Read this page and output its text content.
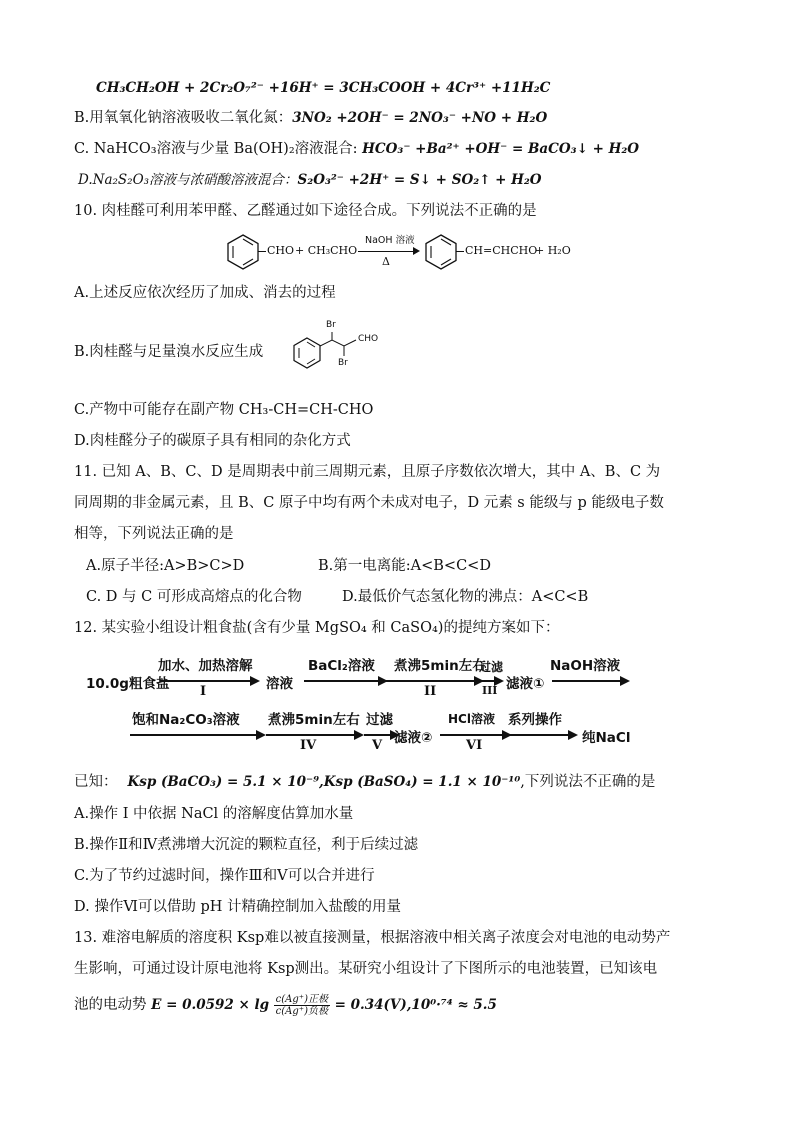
CH₃CH₂OH + 2Cr₂O₇²⁻ +16H⁺ = 3CH₃COOH + 4Cr³⁺ +11H₂C
B.用氧氧化钠溶液吸收二氧化氮：3NO₂ +2OH⁻ = 2NO₃⁻ +NO + H₂O
C. NaHCO₃溶液与少量 Ba(OH)₂溶液混合: HCO₃⁻ +Ba²⁺ +OH⁻ = BaCO₃↓ + H₂O
D.Na₂S₂O₃溶液与浓硝酸溶液混合：S₂O₃²⁻ +2H⁺ = S↓ + SO₂↑ + H₂O
10. 肉桂醛可利用苯甲醛、乙醛通过如下途径合成。下列说法不正确的是
CHO + CH₃CHO
NaOH 溶液
Δ
CH=CHCHO
+ H₂O
A.上述反应依次经历了加成、消去的过程
B.肉桂醛与足量溴水反应生成
Br
Br
CHO
C.产物中可能存在副产物 CH₃-CH=CH-CHO
D.肉桂醛分子的碳原子具有相同的杂化方式
11. 已知 A、B、C、D 是周期表中前三周期元素，且原子序数依次增大，其中 A、B、C 为
同周期的非金属元素，且 B、C 原子中均有两个未成对电子，D 元素 s 能级与 p 能级电子数
相等，下列说法正确的是
A.原子半径:A>B>C>D	B.第一电离能:A<B<C<D
C. D 与 C 可形成高熔点的化合物	D.最低价气态氢化物的沸点：A<C<B
12. 某实验小组设计粗食盐(含有少量 MgSO₄ 和 CaSO₄)的提纯方案如下：
10.0g粗食盐
加水、加热溶解
I	溶液
BaCl₂溶液 煮沸5min左右
II
过滤
III 滤液①
NaOH溶液
饱和Na₂CO₃溶液 煮沸5min左右
IV
过滤
V 滤液②
HCl溶液
VI
系列操作
纯NaCl
已知： Ksp (BaCO₃) = 5.1 × 10⁻⁹,Ksp (BaSO₄) = 1.1 × 10⁻¹⁰,下列说法不正确的是
A.操作 I 中依据 NaCl 的溶解度估算加水量
B.操作Ⅱ和Ⅳ煮沸增大沉淀的颗粒直径，利于后续过滤
C.为了节约过滤时间，操作Ⅲ和Ⅴ可以合并进行
D. 操作Ⅵ可以借助 pH 计精确控制加入盐酸的用量
13. 难溶电解质的溶度积 Ksp难以被直接测量，根据溶液中相关离子浓度会对电池的电动势产
生影响，可通过设计原电池将 Ksp测出。某研究小组设计了下图所示的电池装置，已知该电
池的电动势 $E = 0.0592 \times \lg \frac{\text{c(Ag⁺)正极}}{\text{c(Ag⁺)负极}} = 0.34(V),10^0\cdot^{74} \approx 5.5$
